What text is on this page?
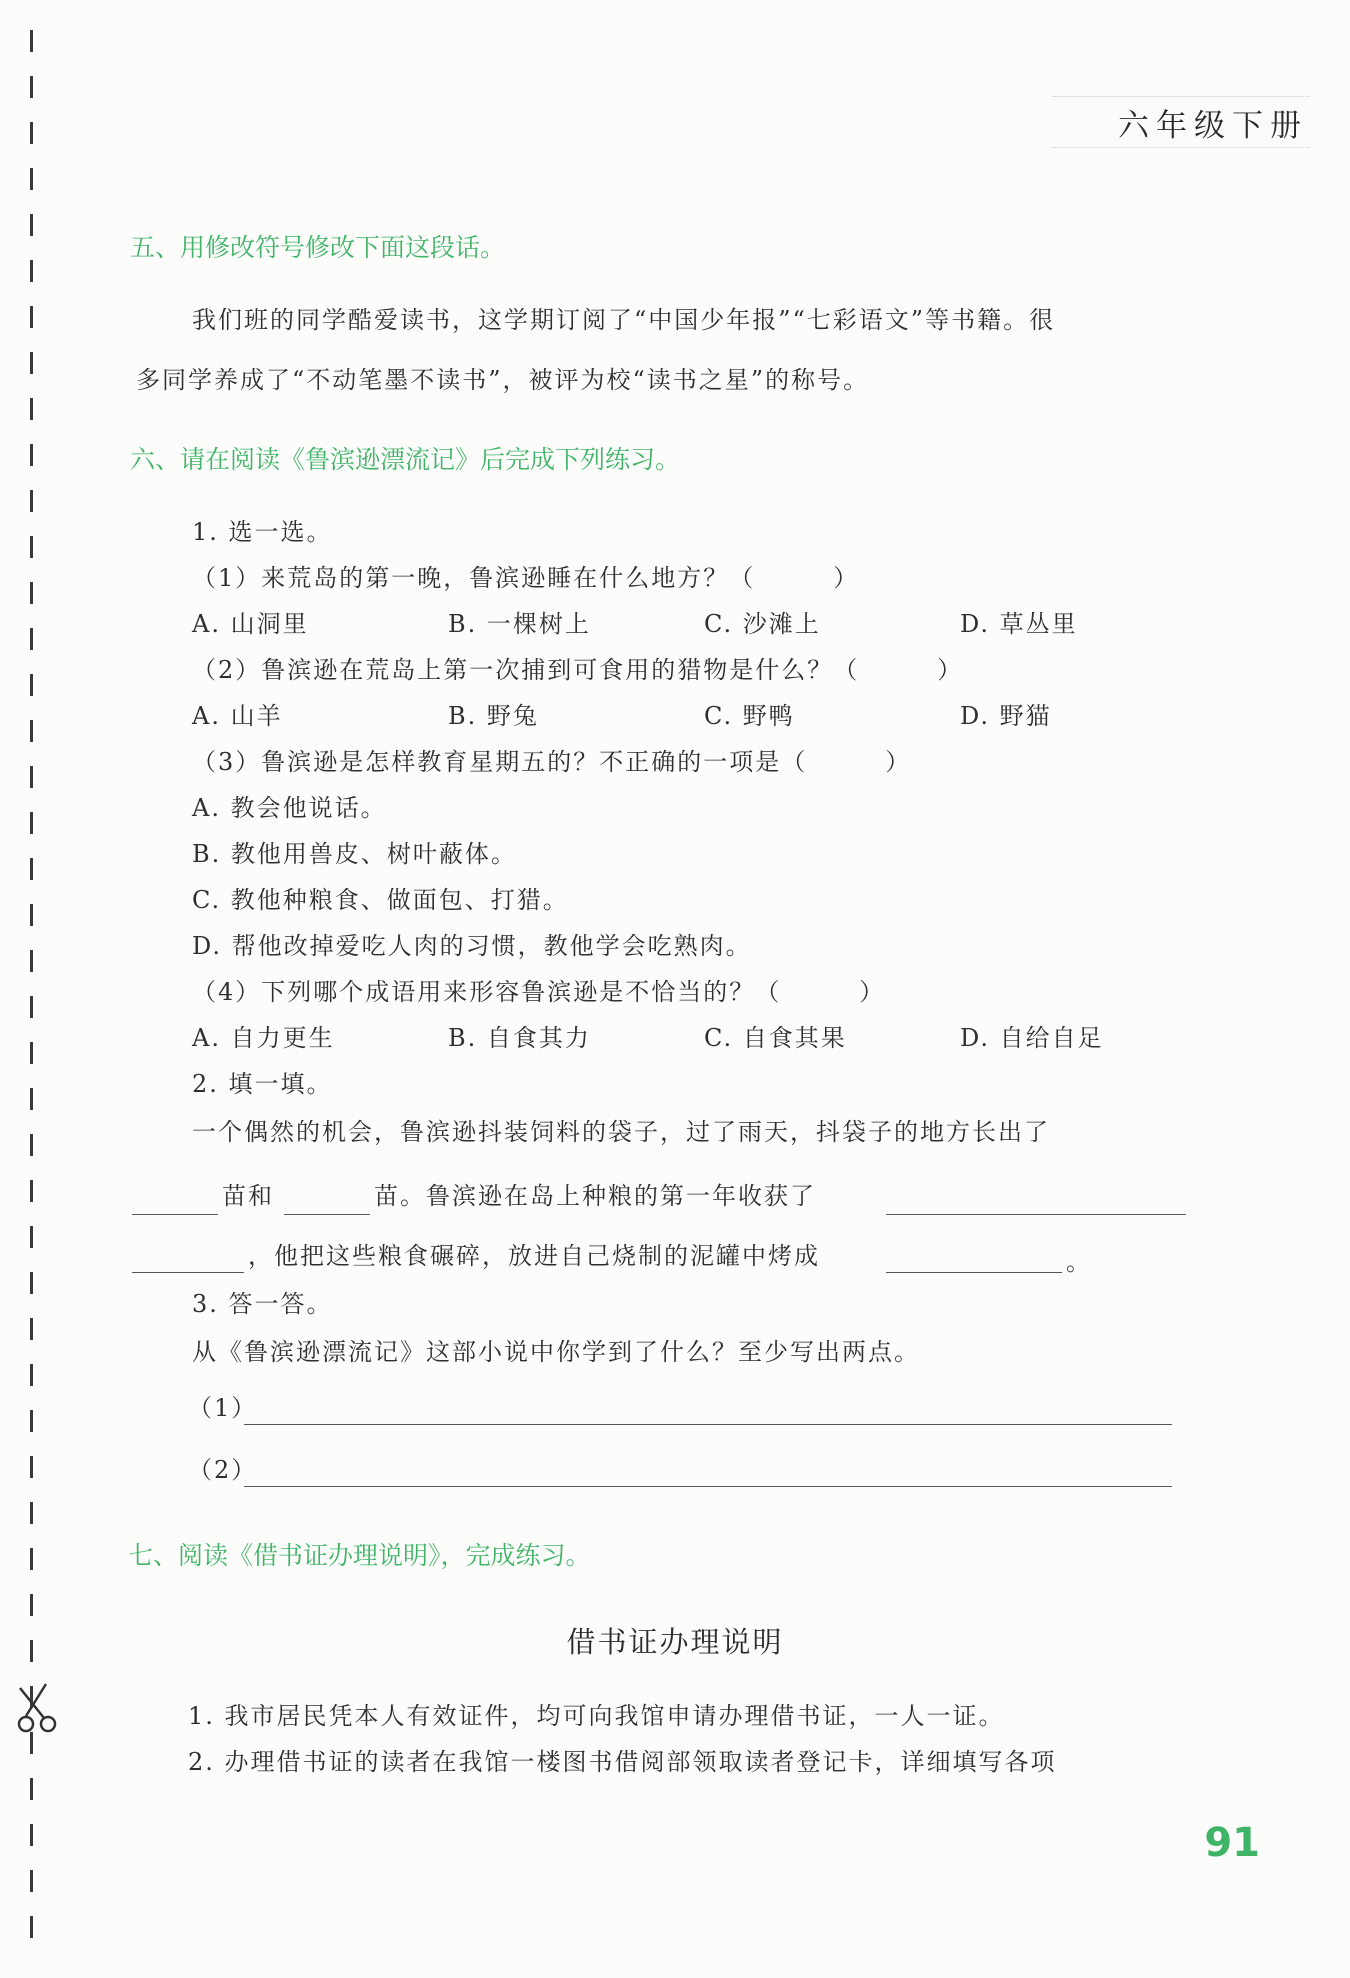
六年级下册
五、用修改符号修改下面这段话。
我们班的同学酷爱读书，这学期订阅了“中国少年报”“七彩语文”等书籍。很
多同学养成了“不动笔墨不读书”，被评为校“读书之星”的称号。
六、请在阅读《鲁滨逊漂流记》后完成下列练习。
1. 选一选。
（1）来荒岛的第一晚，鲁滨逊睡在什么地方？（　　　）
A. 山洞里	B. 一棵树上	C. 沙滩上	D. 草丛里
（2）鲁滨逊在荒岛上第一次捕到可食用的猎物是什么？（　　　）
A. 山羊	B. 野兔	C. 野鸭	D. 野猫
（3）鲁滨逊是怎样教育星期五的？不正确的一项是（　　　）
A. 教会他说话。
B. 教他用兽皮、树叶蔽体。
C. 教他种粮食、做面包、打猎。
D. 帮他改掉爱吃人肉的习惯，教他学会吃熟肉。
（4）下列哪个成语用来形容鲁滨逊是不恰当的？（　　　）
A. 自力更生	B. 自食其力	C. 自食其果	D. 自给自足
2. 填一填。
一个偶然的机会，鲁滨逊抖装饲料的袋子，过了雨天，抖袋子的地方长出了
苗和	苗。鲁滨逊在岛上种粮的第一年收获了
，他把这些粮食碾碎，放进自己烧制的泥罐中烤成	。
3. 答一答。
从《鲁滨逊漂流记》这部小说中你学到了什么？至少写出两点。
（1）
（2）
七、阅读《借书证办理说明》，完成练习。
借书证办理说明
1. 我市居民凭本人有效证件，均可向我馆申请办理借书证，一人一证。
2. 办理借书证的读者在我馆一楼图书借阅部领取读者登记卡，详细填写各项
91
